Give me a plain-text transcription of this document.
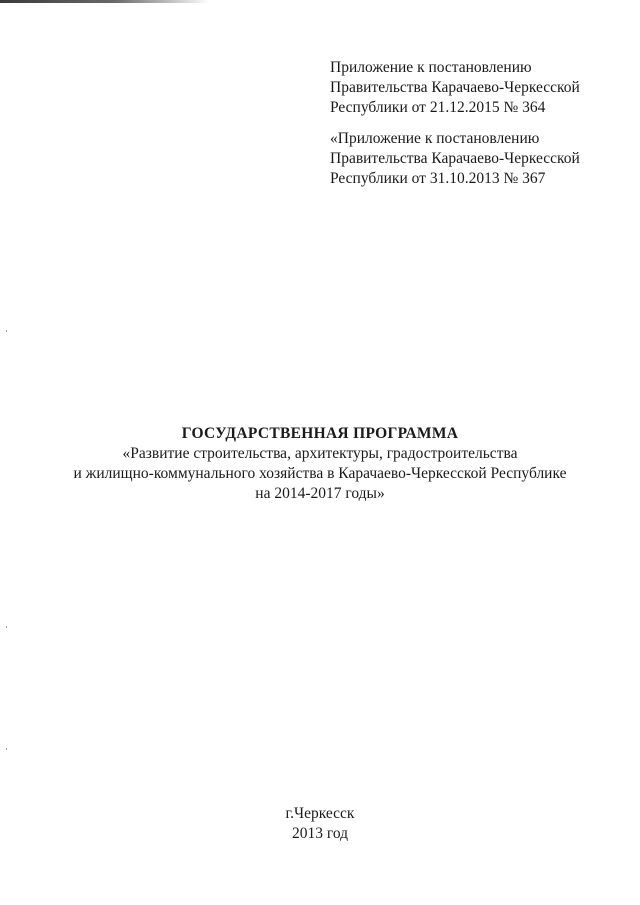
Приложение к постановлению
Правительства Карачаево-Черкесской
Республики от 21.12.2015 № 364
«Приложение к постановлению
Правительства Карачаево-Черкесской
Республики от 31.10.2013 № 367
ГОСУДАРСТВЕННАЯ ПРОГРАММА
«Развитие строительства, архитектуры, градостроительства
и жилищно-коммунального хозяйства в Карачаево-Черкесской Республике
на 2014-2017 годы»
г.Черкесск
2013 год
